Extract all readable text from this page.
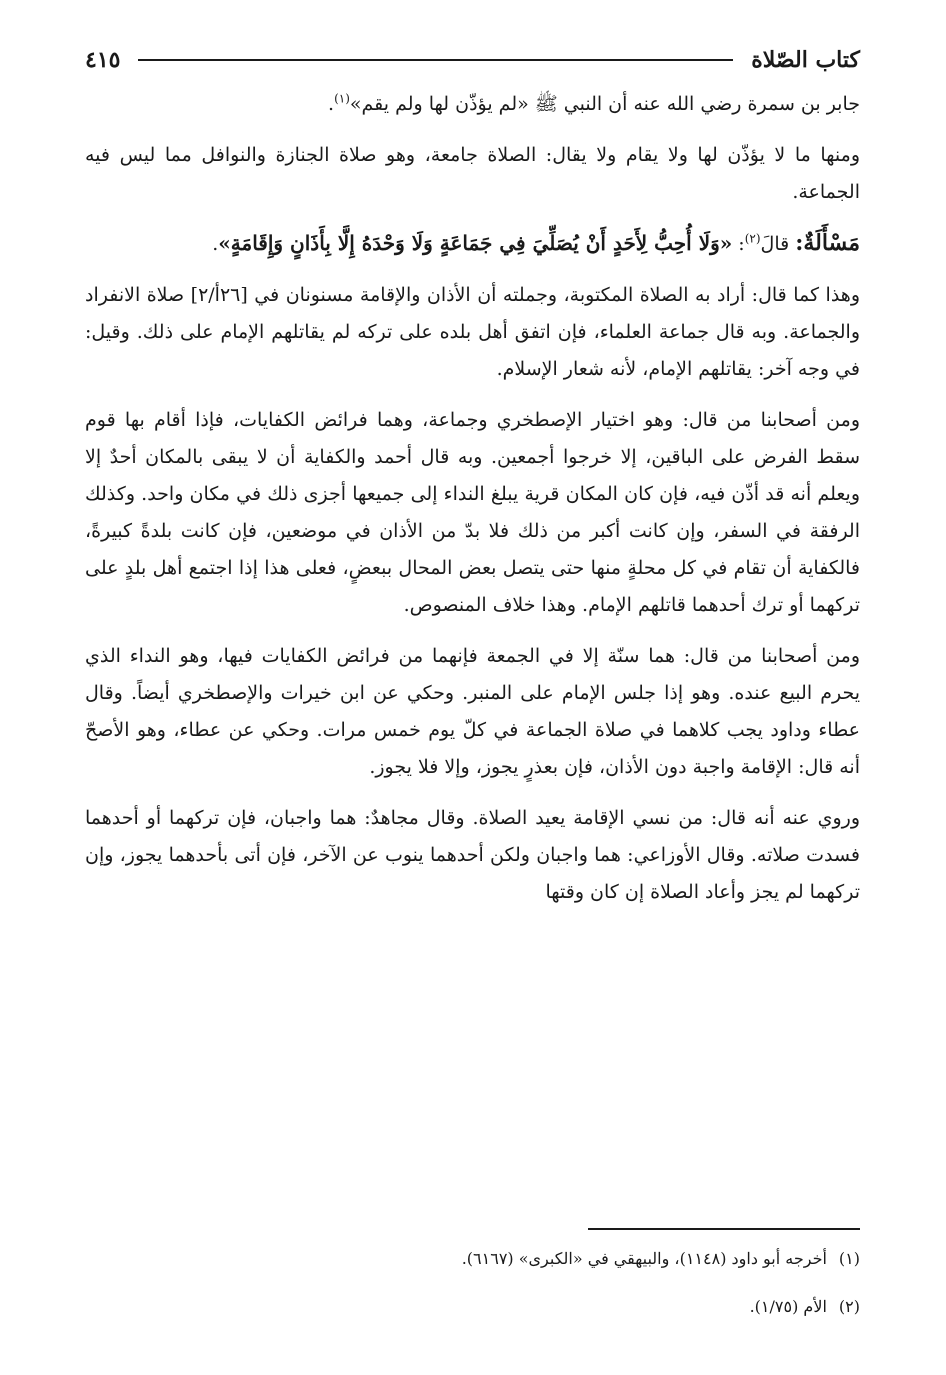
كتاب الصّلاة
٤١٥

جابر بن سمرة رضي الله عنه أن النبي ﷺ «لم يؤذّن لها ولم يقم»$^{(١)}$.

ومنها ما لا يؤذّن لها ولا يقام ولا يقال: الصلاة جامعة، وهو صلاة الجنازة والنوافل مما ليس فيه الجماعة.

مَسْأَلَةٌ: قالَ$^{(٢)}$: «وَلَا أُحِبُّ لِأَحَدٍ أَنْ يُصَلِّيَ فِي جَمَاعَةٍ وَلَا وَحْدَهُ إِلَّا بِأَذَانٍ وَإِقَامَةٍ».

وهذا كما قال: أراد به الصلاة المكتوبة، وجملته أن الأذان والإقامة مسنونان في [٢٦أ/٢] صلاة الانفراد والجماعة. وبه قال جماعة العلماء، فإن اتفق أهل بلده على تركه لم يقاتلهم الإمام على ذلك. وقيل: في وجه آخر: يقاتلهم الإمام، لأنه شعار الإسلام.

ومن أصحابنا من قال: وهو اختيار الإصطخري وجماعة، وهما فرائض الكفايات، فإذا أقام بها قوم سقط الفرض على الباقين، إلا خرجوا أجمعين. وبه قال أحمد والكفاية أن لا يبقى بالمكان أحدٌ إلا ويعلم أنه قد أذّن فيه، فإن كان المكان قرية يبلغ النداء إلى جميعها أجزى ذلك في مكان واحد. وكذلك الرفقة في السفر، وإن كانت أكبر من ذلك فلا بدّ من الأذان في موضعين، فإن كانت بلدةً كبيرةً، فالكفاية أن تقام في كل محلةٍ منها حتى يتصل بعض المحال ببعضٍ، فعلى هذا إذا اجتمع أهل بلدٍ على تركهما أو ترك أحدهما قاتلهم الإمام. وهذا خلاف المنصوص.

ومن أصحابنا من قال: هما سنّة إلا في الجمعة فإنهما من فرائض الكفايات فيها، وهو النداء الذي يحرم البيع عنده. وهو إذا جلس الإمام على المنبر. وحكي عن ابن خيرات والإصطخري أيضاً. وقال عطاء وداود يجب كلاهما في صلاة الجماعة في كلّ يوم خمس مرات. وحكي عن عطاء، وهو الأصحّ أنه قال: الإقامة واجبة دون الأذان، فإن بعذرٍ يجوز، وإلا فلا يجوز.

وروي عنه أنه قال: من نسي الإقامة يعيد الصلاة. وقال مجاهدٌ: هما واجبان، فإن تركهما أو أحدهما فسدت صلاته. وقال الأوزاعي: هما واجبان ولكن أحدهما ينوب عن الآخر، فإن أتى بأحدهما يجوز، وإن تركهما لم يجز وأعاد الصلاة إن كان وقتها

(١)أخرجه أبو داود (١١٤٨)، والبيهقي في «الكبرى» (٦١٦٧).
(٢)الأم (١/٧٥).
